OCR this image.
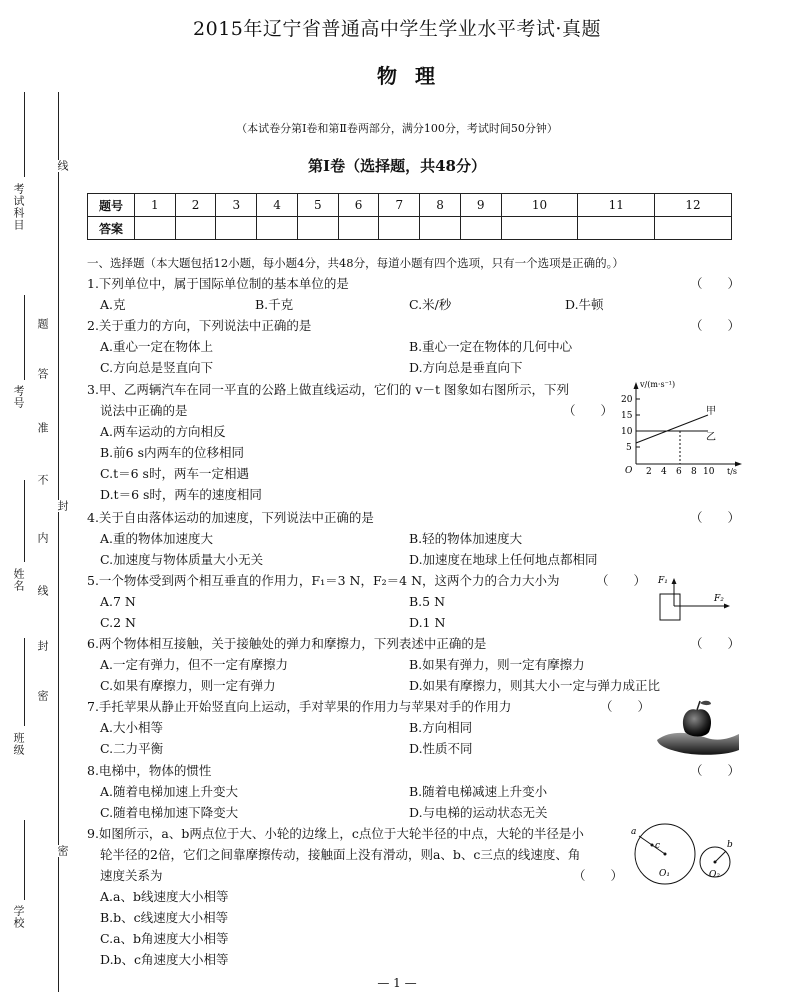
考试科目
考号
姓名
班级
学校
线
题
答
准
不
封
内
线
封
密
密
2015年辽宁省普通高中学生学业水平考试·真题
物理
（本试卷分第Ⅰ卷和第Ⅱ卷两部分，满分100分，考试时间50分钟）
第Ⅰ卷（选择题，共48分）
题号	1	2	3	4	5	6	7	8	9	10	11	12
答案												
一、选择题（本大题包括12小题，每小题4分，共48分，每道小题有四个选项，只有一个选项是正确的。）
1.下列单位中，属于国际单位制的基本单位的是	（　　）
A.克	B.千克	C.米/秒	D.牛顿
2.关于重力的方向，下列说法中正确的是	（　　）
A.重心一定在物体上	B.重心一定在物体的几何中心
C.方向总是竖直向下	D.方向总是垂直向下
3.甲、乙两辆汽车在同一平直的公路上做直线运动，它们的 v－t 图象如右图所示，下列
说法中正确的是	（　　）
A.两车运动的方向相反
B.前6 s内两车的位移相同
C.t＝6 s时，两车一定相遇
D.t＝6 s时，两车的速度相同
v/(m·s⁻¹)
t/s
O
20
15
10
5
2 4 6 8 10
甲
乙
4.关于自由落体运动的加速度，下列说法中正确的是	（　　）
A.重的物体加速度大	B.轻的物体加速度大
C.加速度与物体质量大小无关	D.加速度在地球上任何地点都相同
5.一个物体受到两个相互垂直的作用力，F₁＝3 N，F₂＝4 N，这两个力的合力大小为	（　　）
A.7 N	B.5 N
C.2 N	D.1 N
F₁
F₂
6.两个物体相互接触，关于接触处的弹力和摩擦力，下列表述中正确的是	（　　）
A.一定有弹力，但不一定有摩擦力	B.如果有弹力，则一定有摩擦力
C.如果有摩擦力，则一定有弹力	D.如果有摩擦力，则其大小一定与弹力成正比
7.手托苹果从静止开始竖直向上运动，手对苹果的作用力与苹果对手的作用力	（　　）
A.大小相等	B.方向相同
C.二力平衡	D.性质不同
8.电梯中，物体的惯性	（　　）
A.随着电梯加速上升变大	B.随着电梯减速上升变小
C.随着电梯加速下降变大	D.与电梯的运动状态无关
9.如图所示，a、b两点位于大、小轮的边缘上，c点位于大轮半径的中点，大轮的半径是小
轮半径的2倍，它们之间靠摩擦传动，接触面上没有滑动，则a、b、c三点的线速度、角
速度关系为	（　　）
A.a、b线速度大小相等
B.b、c线速度大小相等
C.a、b角速度大小相等
D.b、c角速度大小相等
a
c	b
O₁	O₂
— 1 —
